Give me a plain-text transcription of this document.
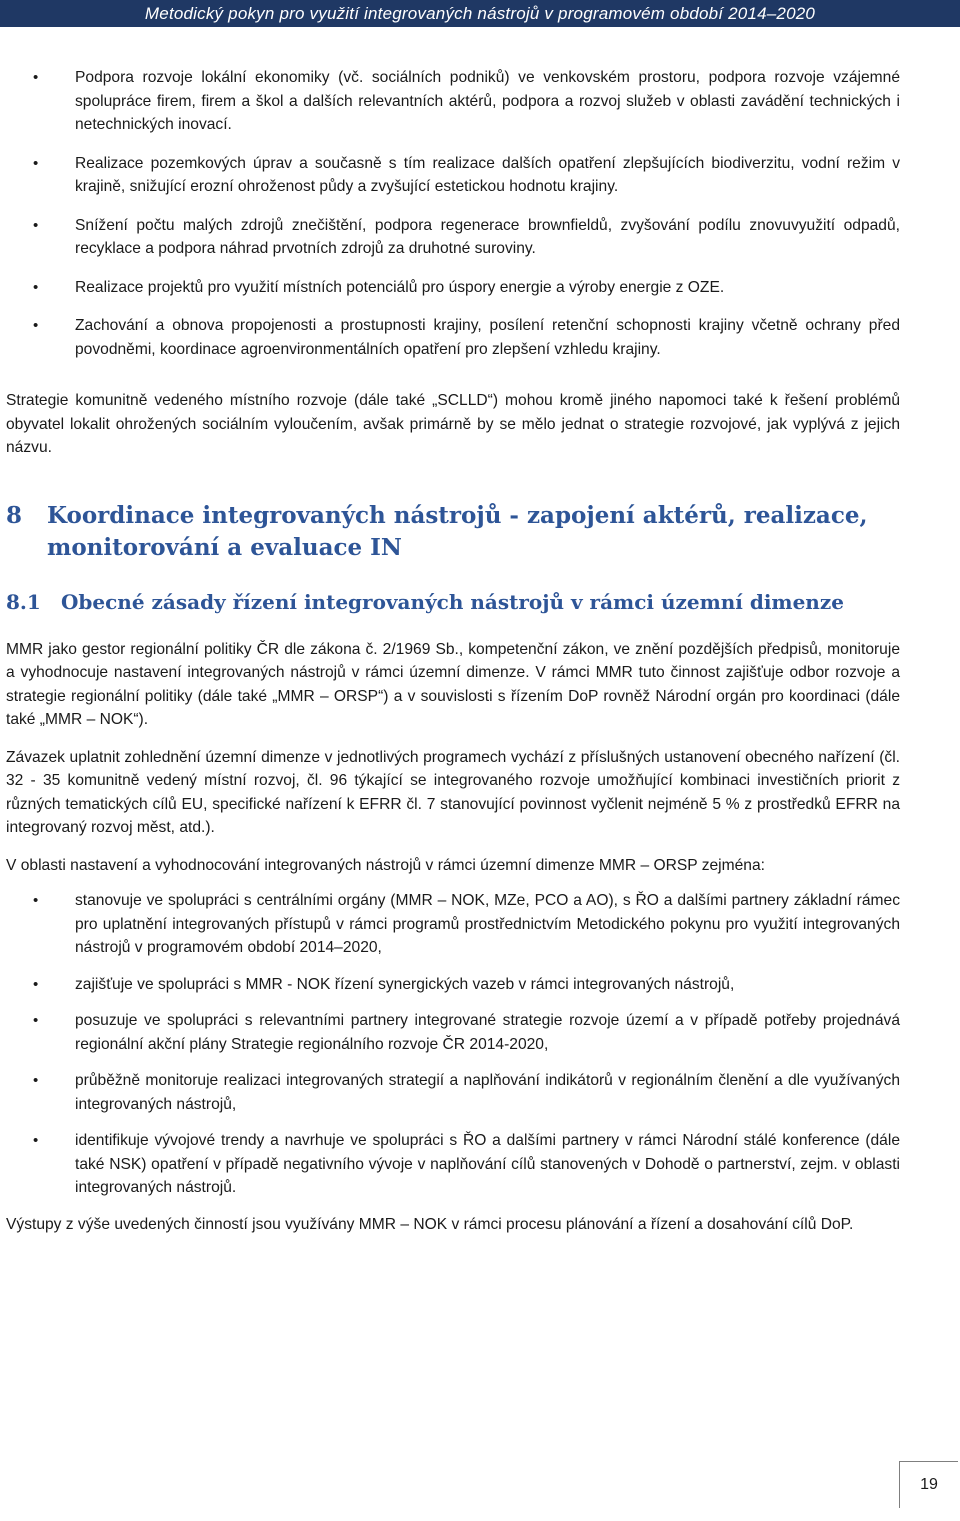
Metodický pokyn pro využití integrovaných nástrojů v programovém období 2014–2020
• Podpora rozvoje lokální ekonomiky (vč. sociálních podniků) ve venkovském prostoru, podpora rozvoje vzájemné spolupráce firem, firem a škol a dalších relevantních aktérů, podpora a rozvoj služeb v oblasti zavádění technických i netechnických inovací.
• Realizace pozemkových úprav a současně s tím realizace dalších opatření zlepšujících biodiverzitu, vodní režim v krajině, snižující erozní ohroženost půdy a zvyšující estetickou hodnotu krajiny.
• Snížení počtu malých zdrojů znečištění, podpora regenerace brownfieldů, zvyšování podílu znovuvyužití odpadů, recyklace a podpora náhrad prvotních zdrojů za druhotné suroviny.
• Realizace projektů pro využití místních potenciálů pro úspory energie a výroby energie z OZE.
• Zachování a obnova propojenosti a prostupnosti krajiny, posílení retenční schopnosti krajiny včetně ochrany před povodněmi, koordinace agroenvironmentálních opatření pro zlepšení vzhledu krajiny.

Strategie komunitně vedeného místního rozvoje (dále také „SCLLD“) mohou kromě jiného napomoci také k řešení problémů obyvatel lokalit ohrožených sociálním vyloučením, avšak primárně by se mělo jednat o strategie rozvojové, jak vyplývá z jejich názvu.

8 Koordinace integrovaných nástrojů - zapojení aktérů, realizace, monitorování a evaluace IN
8.1 Obecné zásady řízení integrovaných nástrojů v rámci územní dimenze

MMR jako gestor regionální politiky ČR dle zákona č. 2/1969 Sb., kompetenční zákon, ve znění pozdějších předpisů, monitoruje a vyhodnocuje nastavení integrovaných nástrojů v rámci územní dimenze. V rámci MMR tuto činnost zajišťuje odbor rozvoje a strategie regionální politiky (dále také „MMR – ORSP“) a v souvislosti s řízením DoP rovněž Národní orgán pro koordinaci (dále také „MMR – NOK“).

Závazek uplatnit zohlednění územní dimenze v jednotlivých programech vychází z příslušných ustanovení obecného nařízení (čl. 32 - 35 komunitně vedený místní rozvoj, čl. 96 týkající se integrovaného rozvoje umožňující kombinaci investičních priorit z různých tematických cílů EU, specifické nařízení k EFRR čl. 7 stanovující povinnost vyčlenit nejméně 5 % z prostředků EFRR na integrovaný rozvoj měst, atd.).

V oblasti nastavení a vyhodnocování integrovaných nástrojů v rámci územní dimenze MMR – ORSP zejména:

• stanovuje ve spolupráci s centrálními orgány (MMR – NOK, MZe, PCO a AO), s ŘO a dalšími partnery základní rámec pro uplatnění integrovaných přístupů v rámci programů prostřednictvím Metodického pokynu pro využití integrovaných nástrojů v programovém období 2014–2020,
• zajišťuje ve spolupráci s MMR - NOK řízení synergických vazeb v rámci integrovaných nástrojů,
• posuzuje ve spolupráci s relevantními partnery integrované strategie rozvoje území a v případě potřeby projednává regionální akční plány Strategie regionálního rozvoje ČR 2014-2020,
• průběžně monitoruje realizaci integrovaných strategií a naplňování indikátorů v regionálním členění a dle využívaných integrovaných nástrojů,
• identifikuje vývojové trendy a navrhuje ve spolupráci s ŘO a dalšími partnery v rámci Národní stálé konference (dále také NSK) opatření v případě negativního vývoje v naplňování cílů stanovených v Dohodě o partnerství, zejm. v oblasti integrovaných nástrojů.

Výstupy z výše uvedených činností jsou využívány MMR – NOK v rámci procesu plánování a řízení a dosahování cílů DoP.

19
